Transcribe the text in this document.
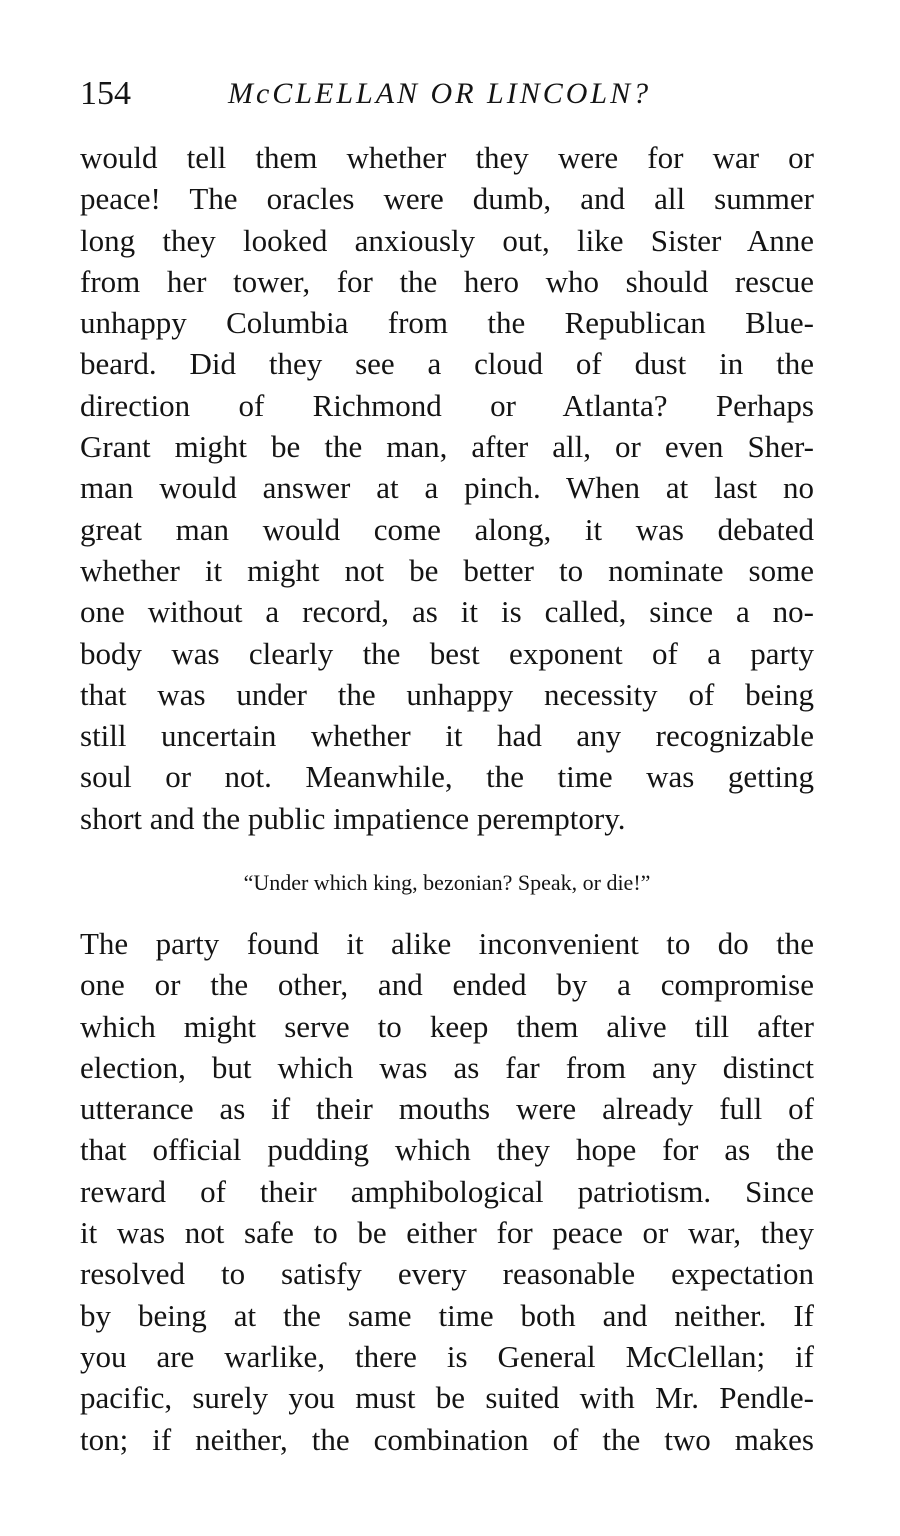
154	McCLELLAN OR LINCOLN?
would tell them whether they were for war or
peace! The oracles were dumb, and all summer
long they looked anxiously out, like Sister Anne
from her tower, for the hero who should rescue
unhappy Columbia from the Republican Blue-
beard. Did they see a cloud of dust in the
direction of Richmond or Atlanta? Perhaps
Grant might be the man, after all, or even Sher-
man would answer at a pinch. When at last no
great man would come along, it was debated
whether it might not be better to nominate some
one without a record, as it is called, since a no-
body was clearly the best exponent of a party
that was under the unhappy necessity of being
still uncertain whether it had any recognizable
soul or not. Meanwhile, the time was getting
short and the public impatience peremptory.
“Under which king, bezonian? Speak, or die!”
The party found it alike inconvenient to do the
one or the other, and ended by a compromise
which might serve to keep them alive till after
election, but which was as far from any distinct
utterance as if their mouths were already full of
that official pudding which they hope for as the
reward of their amphibological patriotism. Since
it was not safe to be either for peace or war, they
resolved to satisfy every reasonable expectation
by being at the same time both and neither. If
you are warlike, there is General McClellan; if
pacific, surely you must be suited with Mr. Pendle-
ton; if neither, the combination of the two makes
